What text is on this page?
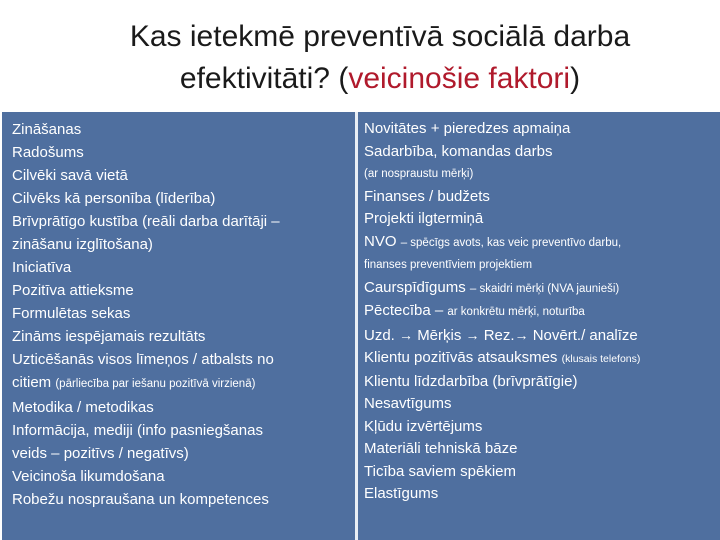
Kas ietekmē preventīvā sociālā darba
efektivitāti? (veicinošie faktori)
Zināšanas
Radošums
Cilvēki savā vietā
Cilvēks kā personība (līderība)
Brīvprātīgo kustība (reāli darba darītāji –
zināšanu izglītošana)
Iniciatīva
Pozitīva attieksme
Formulētas sekas
Zināms iespējamais rezultāts
Uzticēšanās visos līmeņos / atbalsts no
citiem (pārliecība par iešanu pozitīvā virzienā)
Metodika / metodikas
Informācija, mediji (info pasniegšanas
veids – pozitīvs / negatīvs)
Veicinoša likumdošana
Robežu nospraušana un kompetences
Novitātes + pieredzes apmaiņa
Sadarbība, komandas darbs
(ar nospraustu mērķi)
Finanses / budžets
Projekti ilgtermiņā
NVO – spēcīgs avots, kas veic preventīvo darbu,
finanses preventīviem projektiem
Caurspīdīgums – skaidri mērķi (NVA jaunieši)
Pēctecība – ar konkrētu mērķi, noturība
Uzd. → Mērķis → Rez.→ Novērt./ analīze
Klientu pozitīvās atsauksmes (klusais telefons)
Klientu līdzdarbība (brīvprātīgie)
Nesavtīgums
Kļūdu izvērtējums
Materiāli tehniskā bāze
Ticība saviem spēkiem
Elastīgums
